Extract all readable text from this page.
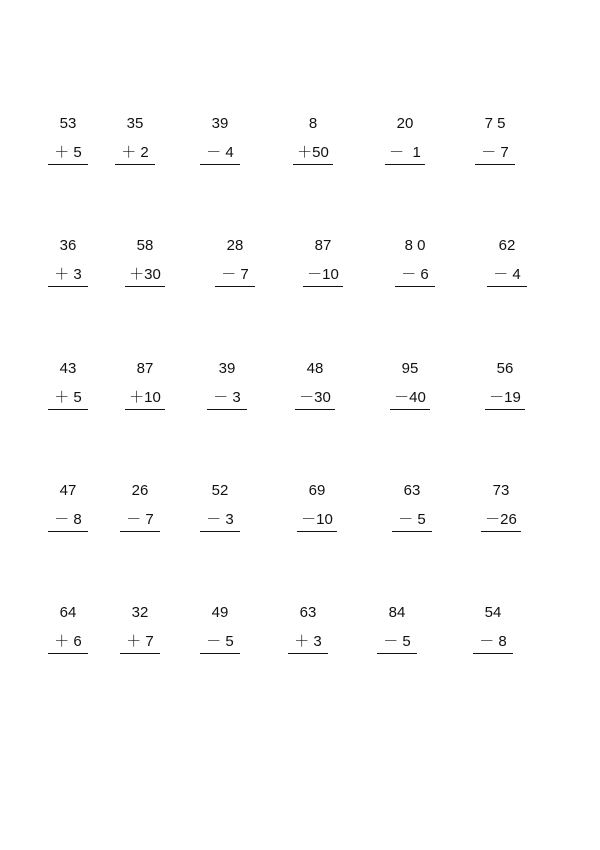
53
＋ 5
35
＋ 2
39
－ 4
8
＋50
20
－  1
7 5
－ 7
36
＋ 3
58
＋30
28
－ 7
87
－10
8 0
－ 6
62
－ 4
43
＋ 5
87
＋10
39
－ 3
48
－30
95
－40
56
－19
47
－ 8
26
－ 7
52
－ 3
69
－10
63
－ 5
73
－26
64
＋ 6
32
＋ 7
49
－ 5
63
＋ 3
84
－ 5
54
－ 8
